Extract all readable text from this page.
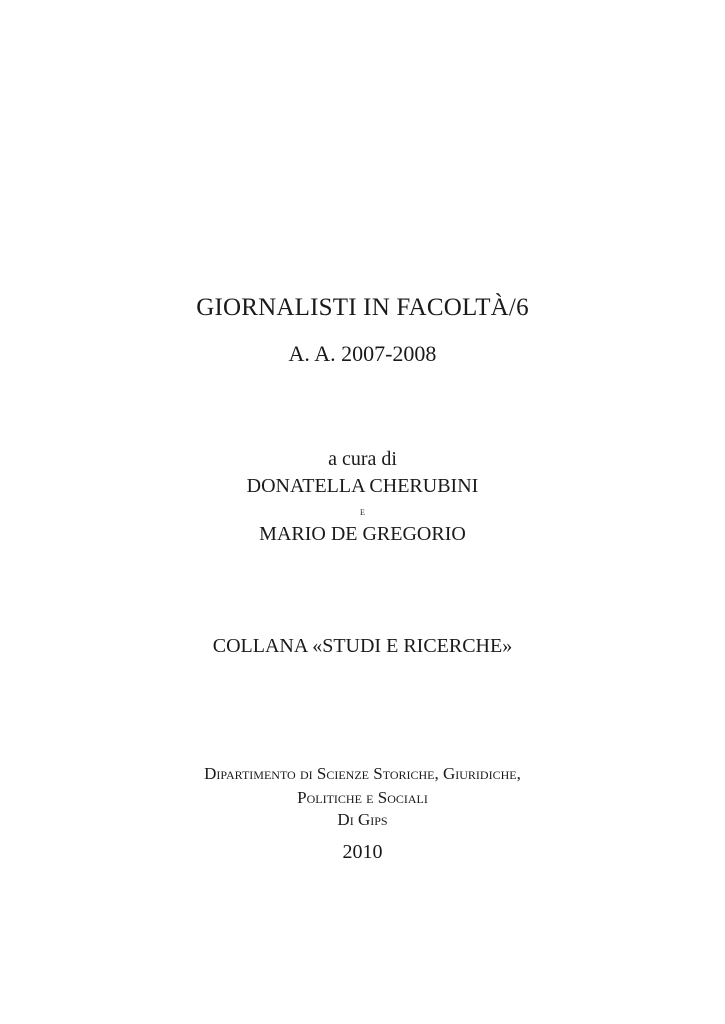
GIORNALISTI IN FACOLTÀ/6
A. A. 2007-2008
a cura di
DONATELLA CHERUBINI
e
MARIO DE GREGORIO
COLLANA «STUDI E RICERCHE»
Dipartimento di Scienze Storiche, Giuridiche,
Politiche e Sociali
Di Gips
2010
